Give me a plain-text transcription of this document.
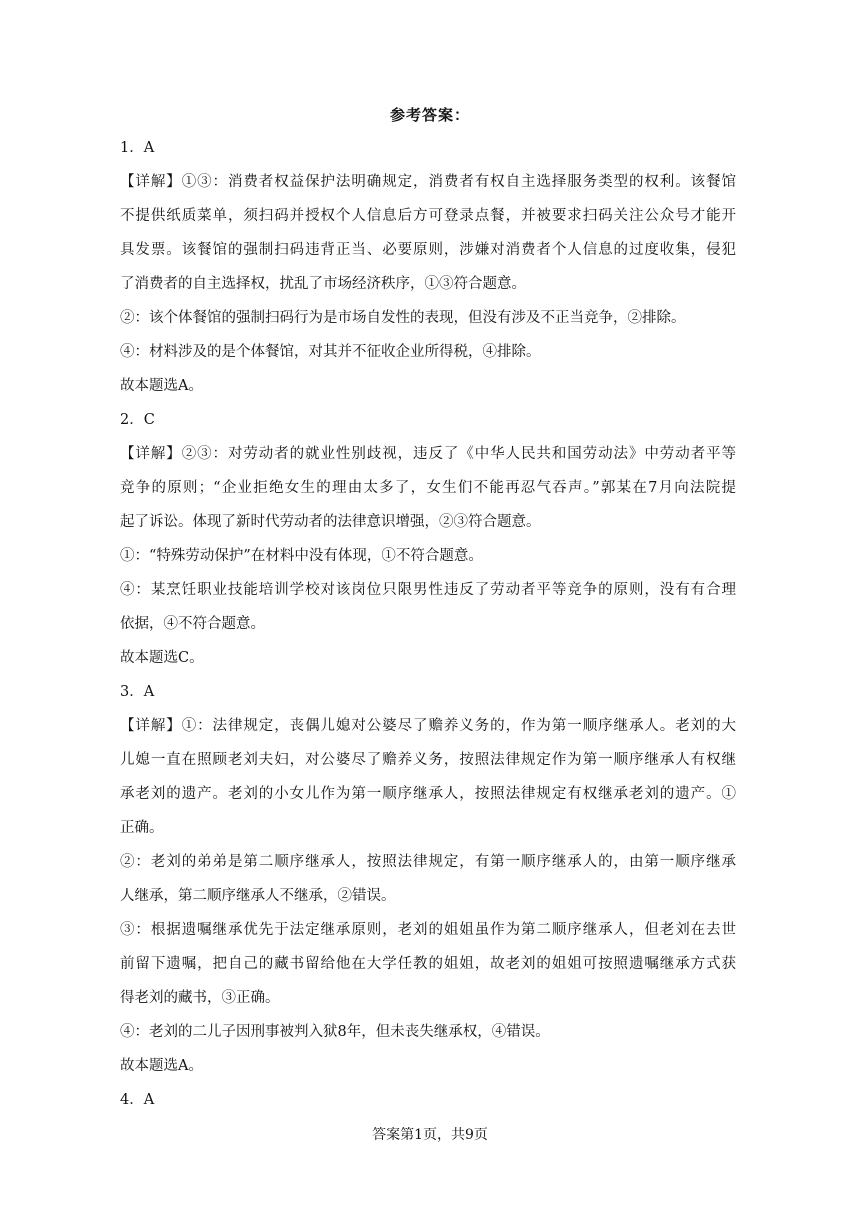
参考答案：
1．A
【详解】①③：消费者权益保护法明确规定，消费者有权自主选择服务类型的权利。该餐馆
不提供纸质菜单，须扫码并授权个人信息后方可登录点餐，并被要求扫码关注公众号才能开
具发票。该餐馆的强制扫码违背正当、必要原则，涉嫌对消费者个人信息的过度收集，侵犯
了消费者的自主选择权，扰乱了市场经济秩序，①③符合题意。
②：该个体餐馆的强制扫码行为是市场自发性的表现，但没有涉及不正当竞争，②排除。
④：材料涉及的是个体餐馆，对其并不征收企业所得税，④排除。
故本题选A。
2．C
【详解】②③：对劳动者的就业性别歧视，违反了《中华人民共和国劳动法》中劳动者平等
竞争的原则；“企业拒绝女生的理由太多了，女生们不能再忍气吞声。”郭某在7月向法院提
起了诉讼。体现了新时代劳动者的法律意识增强，②③符合题意。
①：“特殊劳动保护”在材料中没有体现，①不符合题意。
④：某烹饪职业技能培训学校对该岗位只限男性违反了劳动者平等竞争的原则，没有有合理
依据，④不符合题意。
故本题选C。
3．A
【详解】①：法律规定，丧偶儿媳对公婆尽了赡养义务的，作为第一顺序继承人。老刘的大
儿媳一直在照顾老刘夫妇，对公婆尽了赡养义务，按照法律规定作为第一顺序继承人有权继
承老刘的遗产。老刘的小女儿作为第一顺序继承人，按照法律规定有权继承老刘的遗产。①
正确。
②：老刘的弟弟是第二顺序继承人，按照法律规定，有第一顺序继承人的，由第一顺序继承
人继承，第二顺序继承人不继承，②错误。
③：根据遗嘱继承优先于法定继承原则，老刘的姐姐虽作为第二顺序继承人，但老刘在去世
前留下遗嘱，把自己的藏书留给他在大学任教的姐姐，故老刘的姐姐可按照遗嘱继承方式获
得老刘的藏书，③正确。
④：老刘的二儿子因刑事被判入狱8年，但未丧失继承权，④错误。
故本题选A。
4．A
答案第1页，共9页
